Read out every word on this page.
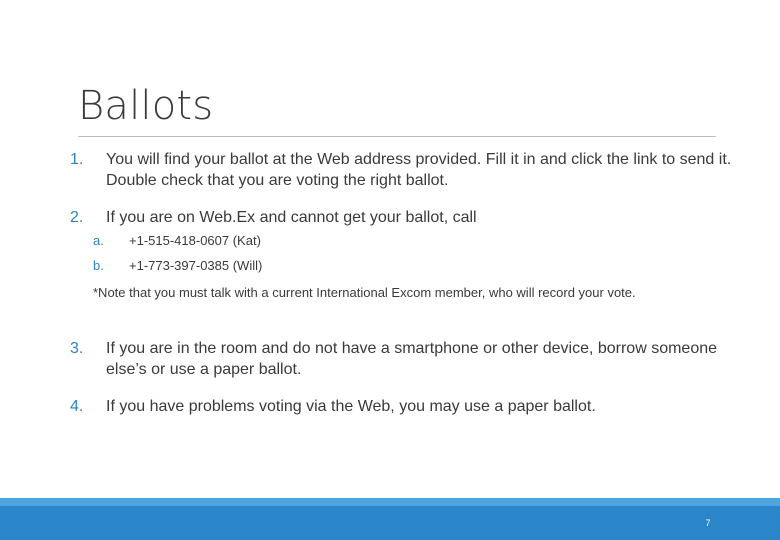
Ballots
1. You will find your ballot at the Web address provided. Fill it in and click the link to send it. Double check that you are voting the right ballot.
2. If you are on Web.Ex and cannot get your ballot, call
a. +1-515-418-0607 (Kat)
b. +1-773-397-0385 (Will)
*Note that you must talk with a current International Excom member, who will record your vote.
3. If you are in the room and do not have a smartphone or other device, borrow someone else’s or use a paper ballot.
4. If you have problems voting via the Web, you may use a paper ballot.
7
